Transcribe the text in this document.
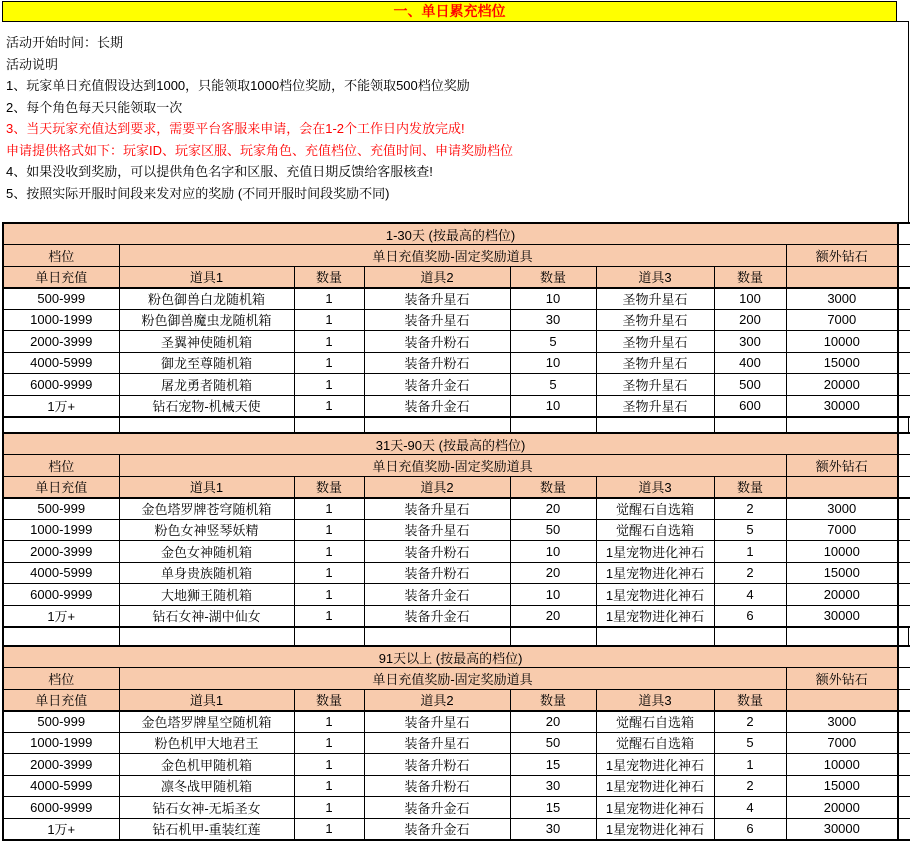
一、单日累充档位
活动开始时间：长期
活动说明
1、玩家单日充值假设达到1000，只能领取1000档位奖励，不能领取500档位奖励
2、每个角色每天只能领取一次
3、当天玩家充值达到要求，需要平台客服来申请，会在1-2个工作日内发放完成!
申请提供格式如下：玩家ID、玩家区服、玩家角色、充值档位、充值时间、申请奖励档位
4、如果没收到奖励，可以提供角色名字和区服、充值日期反馈给客服核查!
5、按照实际开服时间段来发对应的奖励 (不同开服时间段奖励不同)
1-30天 (按最高的档位)								
档位	单日充值奖励-固定奖励道具						额外钻石	
单日充值	道具1	数量	道具2	数量	道具3	数量		
500-999	粉色御兽白龙随机箱	1	装备升星石	10	圣物升星石	100	3000	
1000-1999	粉色御兽魔虫龙随机箱	1	装备升星石	30	圣物升星石	200	7000	
2000-3999	圣翼神使随机箱	1	装备升粉石	5	圣物升星石	300	10000	
4000-5999	御龙至尊随机箱	1	装备升粉石	10	圣物升星石	400	15000	
6000-9999	屠龙勇者随机箱	1	装备升金石	5	圣物升星石	500	20000	
1万+	钻石宠物-机械天使	1	装备升金石	10	圣物升星石	600	30000	

31天-90天 (按最高的档位)								
档位	单日充值奖励-固定奖励道具						额外钻石	
单日充值	道具1	数量	道具2	数量	道具3	数量		
500-999	金色塔罗牌苍穹随机箱	1	装备升星石	20	觉醒石自选箱	2	3000	
1000-1999	粉色女神竖琴妖精	1	装备升星石	50	觉醒石自选箱	5	7000	
2000-3999	金色女神随机箱	1	装备升粉石	10	1星宠物进化神石	1	10000	
4000-5999	单身贵族随机箱	1	装备升粉石	20	1星宠物进化神石	2	15000	
6000-9999	大地狮王随机箱	1	装备升金石	10	1星宠物进化神石	4	20000	
1万+	钻石女神-湖中仙女	1	装备升金石	20	1星宠物进化神石	6	30000	

91天以上 (按最高的档位)								
档位	单日充值奖励-固定奖励道具						额外钻石	
单日充值	道具1	数量	道具2	数量	道具3	数量		
500-999	金色塔罗牌星空随机箱	1	装备升星石	20	觉醒石自选箱	2	3000	
1000-1999	粉色机甲大地君王	1	装备升星石	50	觉醒石自选箱	5	7000	
2000-3999	金色机甲随机箱	1	装备升粉石	15	1星宠物进化神石	1	10000	
4000-5999	凛冬战甲随机箱	1	装备升粉石	30	1星宠物进化神石	2	15000	
6000-9999	钻石女神-无垢圣女	1	装备升金石	15	1星宠物进化神石	4	20000	
1万+	钻石机甲-重装红莲	1	装备升金石	30	1星宠物进化神石	6	30000	
